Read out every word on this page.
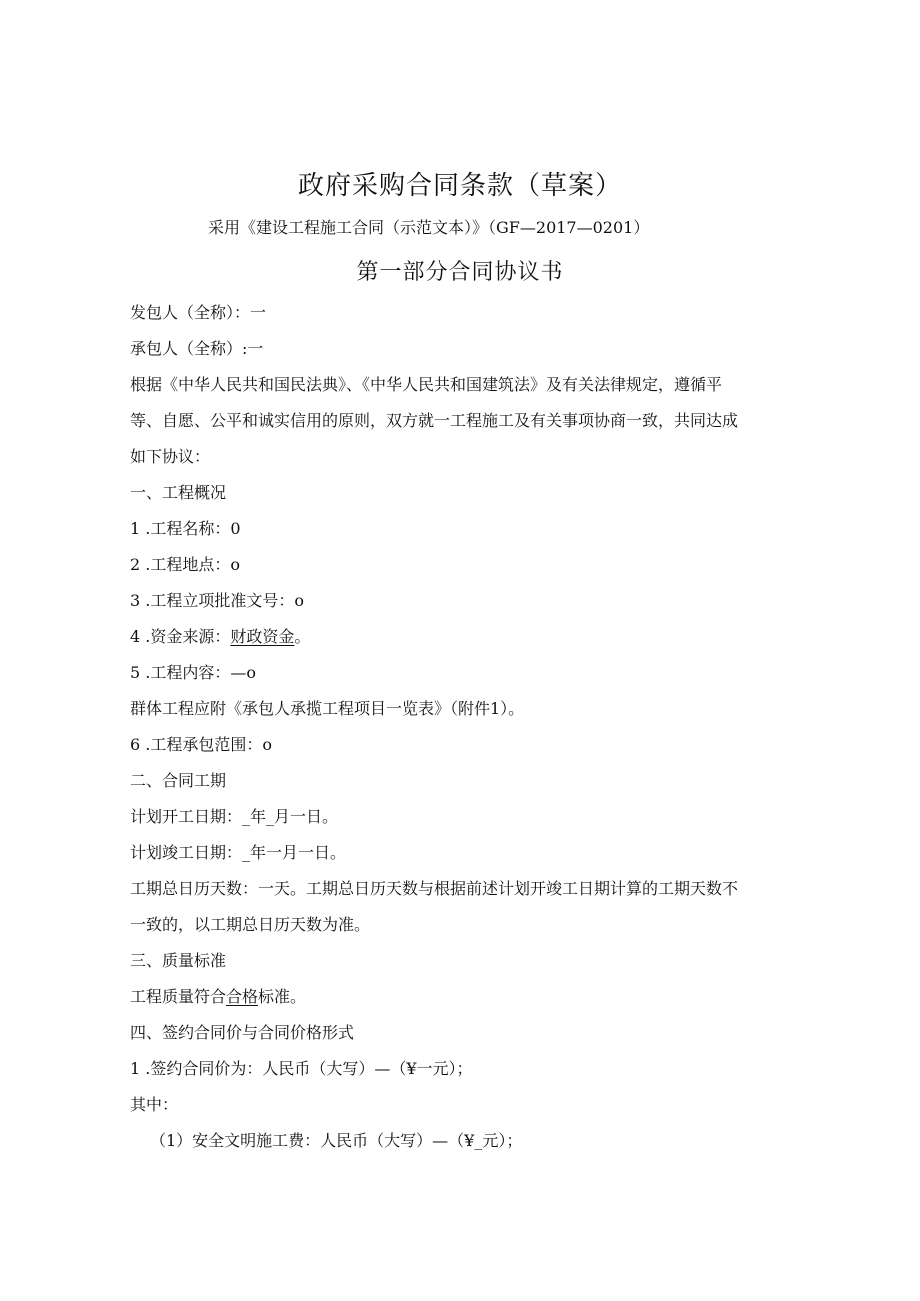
政府采购合同条款（草案）
采用《建设工程施工合同（示范文本）》（GF—2017—0201）
第一部分合同协议书
发包人（全称）：一
承包人（全称）:一
根据《中华人民共和国民法典》、《中华人民共和国建筑法》及有关法律规定，遵循平
等、自愿、公平和诚实信用的原则，双方就一工程施工及有关事项协商一致，共同达成
如下协议：
一、工程概况
1 .工程名称：0
2 .工程地点：o
3 .工程立项批准文号：o
4 .资金来源：财政资金。
5 .工程内容：—o
群体工程应附《承包人承揽工程项目一览表》（附件1）。
6 .工程承包范围：o
二、合同工期
计划开工日期：_年_月一日。
计划竣工日期：_年一月一日。
工期总日历天数：一天。工期总日历天数与根据前述计划开竣工日期计算的工期天数不
一致的，以工期总日历天数为准。
三、质量标准
工程质量符合合格标准。
四、签约合同价与合同价格形式
1 .签约合同价为：人民币（大写）—（¥一元）；
其中：
（1）安全文明施工费：人民币（大写）—（¥_元）；
